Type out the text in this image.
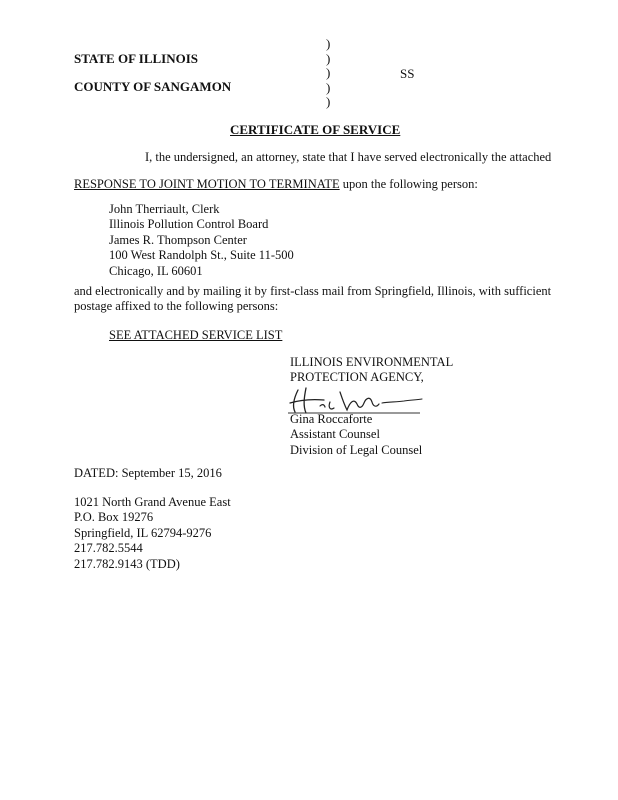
STATE OF ILLINOIS
COUNTY OF SANGAMON
)
)
)
)
)
SS
CERTIFICATE OF SERVICE
I, the undersigned, an attorney, state that I have served electronically the attached
RESPONSE TO JOINT MOTION TO TERMINATE upon the following person:
John Therriault, Clerk
Illinois Pollution Control Board
James R. Thompson Center
100 West Randolph St., Suite 11-500
Chicago, IL 60601
and electronically and by mailing it by first-class mail from Springfield, Illinois, with sufficient
postage affixed to the following persons:
SEE ATTACHED SERVICE LIST
ILLINOIS ENVIRONMENTAL
PROTECTION AGENCY,
Gina Roccaforte
Assistant Counsel
Division of Legal Counsel
DATED: September 15, 2016
1021 North Grand Avenue East
P.O. Box 19276
Springfield, IL 62794-9276
217.782.5544
217.782.9143 (TDD)
